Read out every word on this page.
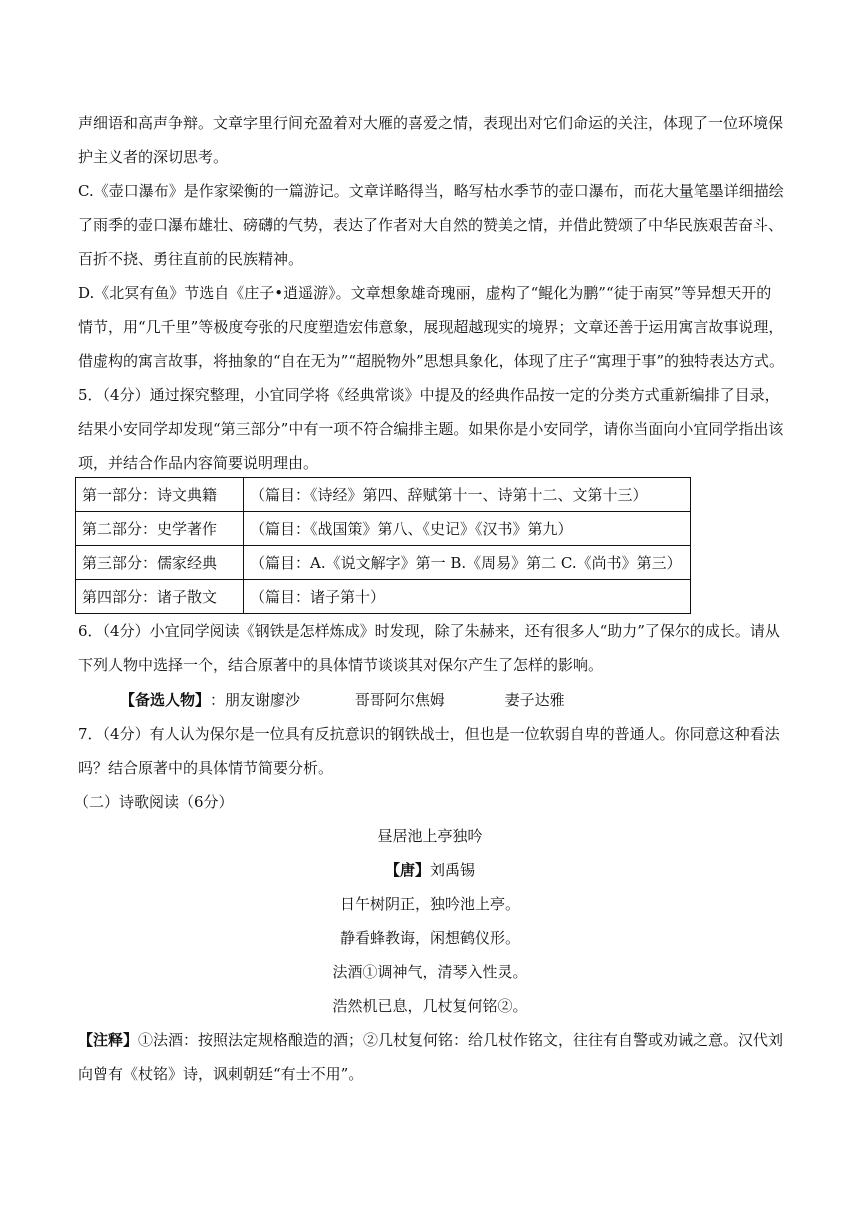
声细语和高声争辩。文章字里行间充盈着对大雁的喜爱之情，表现出对它们命运的关注，体现了一位环境保护主义者的深切思考。

C.《壶口瀑布》是作家梁衡的一篇游记。文章详略得当，略写枯水季节的壶口瀑布，而花大量笔墨详细描绘了雨季的壶口瀑布雄壮、磅礴的气势，表达了作者对大自然的赞美之情，并借此赞颂了中华民族艰苦奋斗、百折不挠、勇往直前的民族精神。

D.《北冥有鱼》节选自《庄子•逍遥游》。文章想象雄奇瑰丽，虚构了“鲲化为鹏”“徒于南冥”等异想天开的情节，用“几千里”等极度夸张的尺度塑造宏伟意象，展现超越现实的境界；文章还善于运用寓言故事说理，借虚构的寓言故事，将抽象的“自在无为”“超脱物外”思想具象化，体现了庄子“寓理于事”的独特表达方式。

5．（4分）通过探究整理，小宜同学将《经典常谈》中提及的经典作品按一定的分类方式重新编排了目录，结果小安同学却发现“第三部分”中有一项不符合编排主题。如果你是小安同学，请你当面向小宜同学指出该项，并结合作品内容简要说明理由。

第一部分：诗文典籍	（篇目：《诗经》第四、辞赋第十一、诗第十二、文第十三）
第二部分：史学著作	（篇目：《战国策》第八、《史记》《汉书》第九）
第三部分：儒家经典	（篇目：A.《说文解字》第一 B.《周易》第二 C.《尚书》第三）
第四部分：诸子散文	（篇目：诸子第十）

6．（4分）小宜同学阅读《钢铁是怎样炼成》时发现，除了朱赫来，还有很多人“助力”了保尔的成长。请从下列人物中选择一个，结合原著中的具体情节谈谈其对保尔产生了怎样的影响。

【备选人物】：朋友谢廖沙	哥哥阿尔焦姆	妻子达雅

7．（4分）有人认为保尔是一位具有反抗意识的钢铁战士，但也是一位软弱自卑的普通人。你同意这种看法吗？结合原著中的具体情节简要分析。

（二）诗歌阅读（6分）

昼居池上亭独吟

【唐】刘禹锡

日午树阴正，独吟池上亭。

静看蜂教诲，闲想鹤仪形。

法酒①调神气，清琴入性灵。

浩然机已息，几杖复何铭②。

【注释】①法酒：按照法定规格酿造的酒；②几杖复何铭：给几杖作铭文，往往有自警或劝诫之意。汉代刘向曾有《杖铭》诗，讽刺朝廷“有士不用”。
